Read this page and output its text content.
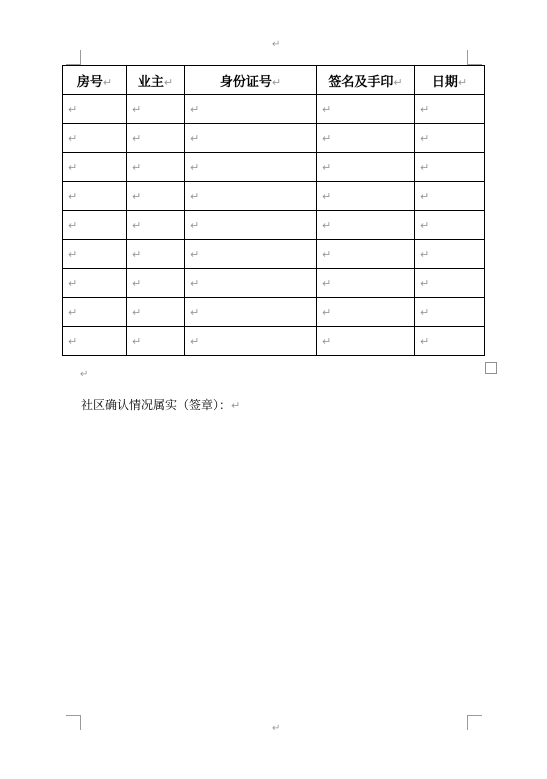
↵
房号↵	业主↵	身份证号↵	签名及手印↵	日期↵
↵	↵	↵	↵	↵
↵	↵	↵	↵	↵
↵	↵	↵	↵	↵
↵	↵	↵	↵	↵
↵	↵	↵	↵	↵
↵	↵	↵	↵	↵
↵	↵	↵	↵	↵
↵	↵	↵	↵	↵
↵	↵	↵	↵	↵
↵
社区确认情况属实（签章）：↵
↵
